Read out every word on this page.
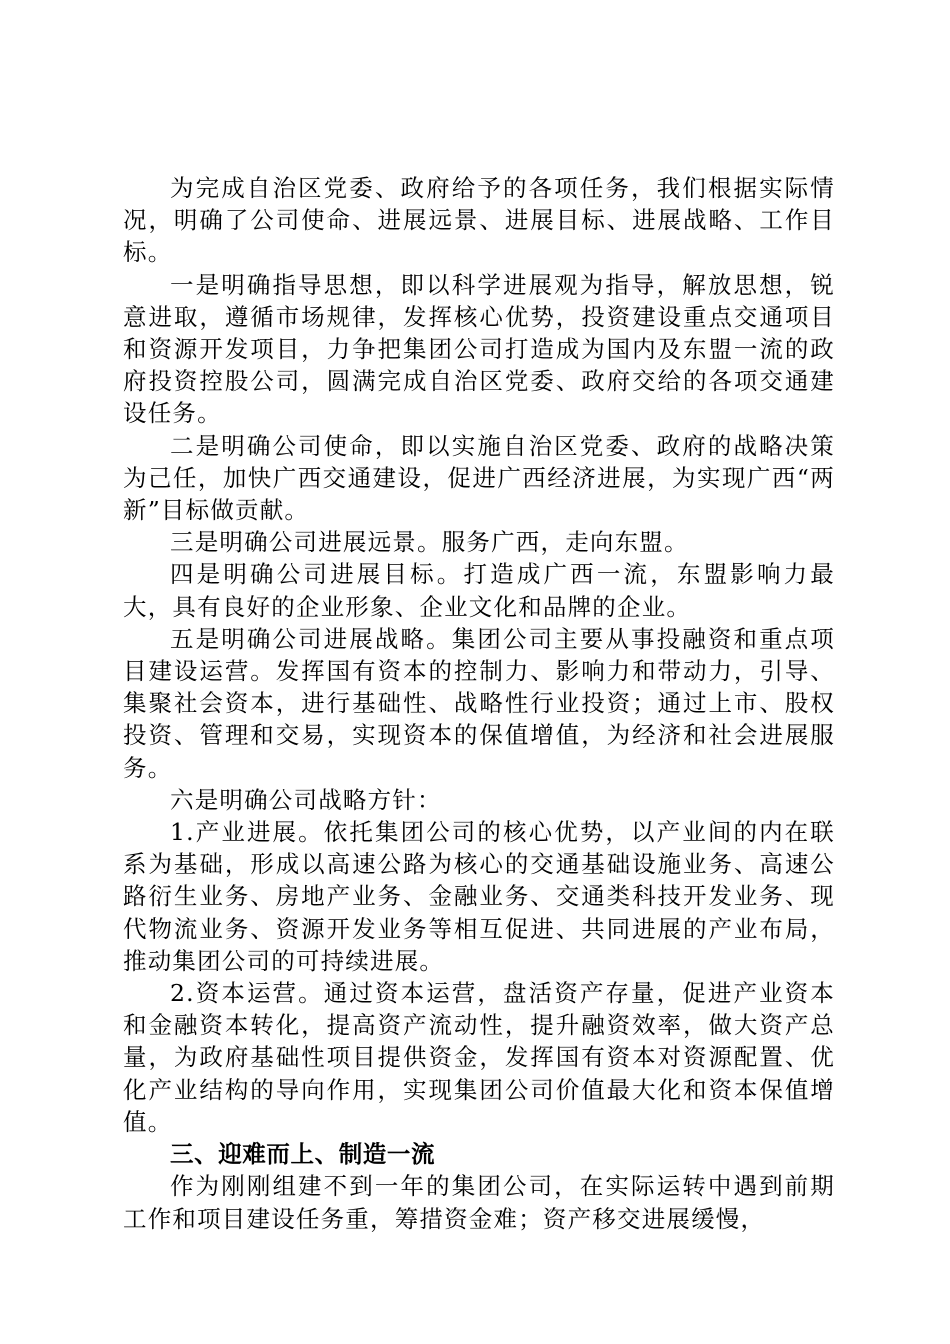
为完成自治区党委、政府给予的各项任务，我们根据实际情况，明确了公司使命、进展远景、进展目标、进展战略、工作目标。

一是明确指导思想，即以科学进展观为指导，解放思想，锐意进取，遵循市场规律，发挥核心优势，投资建设重点交通项目和资源开发项目，力争把集团公司打造成为国内及东盟一流的政府投资控股公司，圆满完成自治区党委、政府交给的各项交通建设任务。

二是明确公司使命，即以实施自治区党委、政府的战略决策为己任，加快广西交通建设，促进广西经济进展，为实现广西“两新”目标做贡献。

三是明确公司进展远景。服务广西，走向东盟。

四是明确公司进展目标。打造成广西一流，东盟影响力最大，具有良好的企业形象、企业文化和品牌的企业。

五是明确公司进展战略。集团公司主要从事投融资和重点项目建设运营。发挥国有资本的控制力、影响力和带动力，引导、集聚社会资本，进行基础性、战略性行业投资；通过上市、股权投资、管理和交易，实现资本的保值增值，为经济和社会进展服务。

六是明确公司战略方针：

1.产业进展。依托集团公司的核心优势，以产业间的内在联系为基础，形成以高速公路为核心的交通基础设施业务、高速公路衍生业务、房地产业务、金融业务、交通类科技开发业务、现代物流业务、资源开发业务等相互促进、共同进展的产业布局，推动集团公司的可持续进展。

2.资本运营。通过资本运营，盘活资产存量，促进产业资本和金融资本转化，提高资产流动性，提升融资效率，做大资产总量，为政府基础性项目提供资金，发挥国有资本对资源配置、优化产业结构的导向作用，实现集团公司价值最大化和资本保值增值。

三、迎难而上、制造一流

作为刚刚组建不到一年的集团公司，在实际运转中遇到前期工作和项目建设任务重，筹措资金难；资产移交进展缓慢，
